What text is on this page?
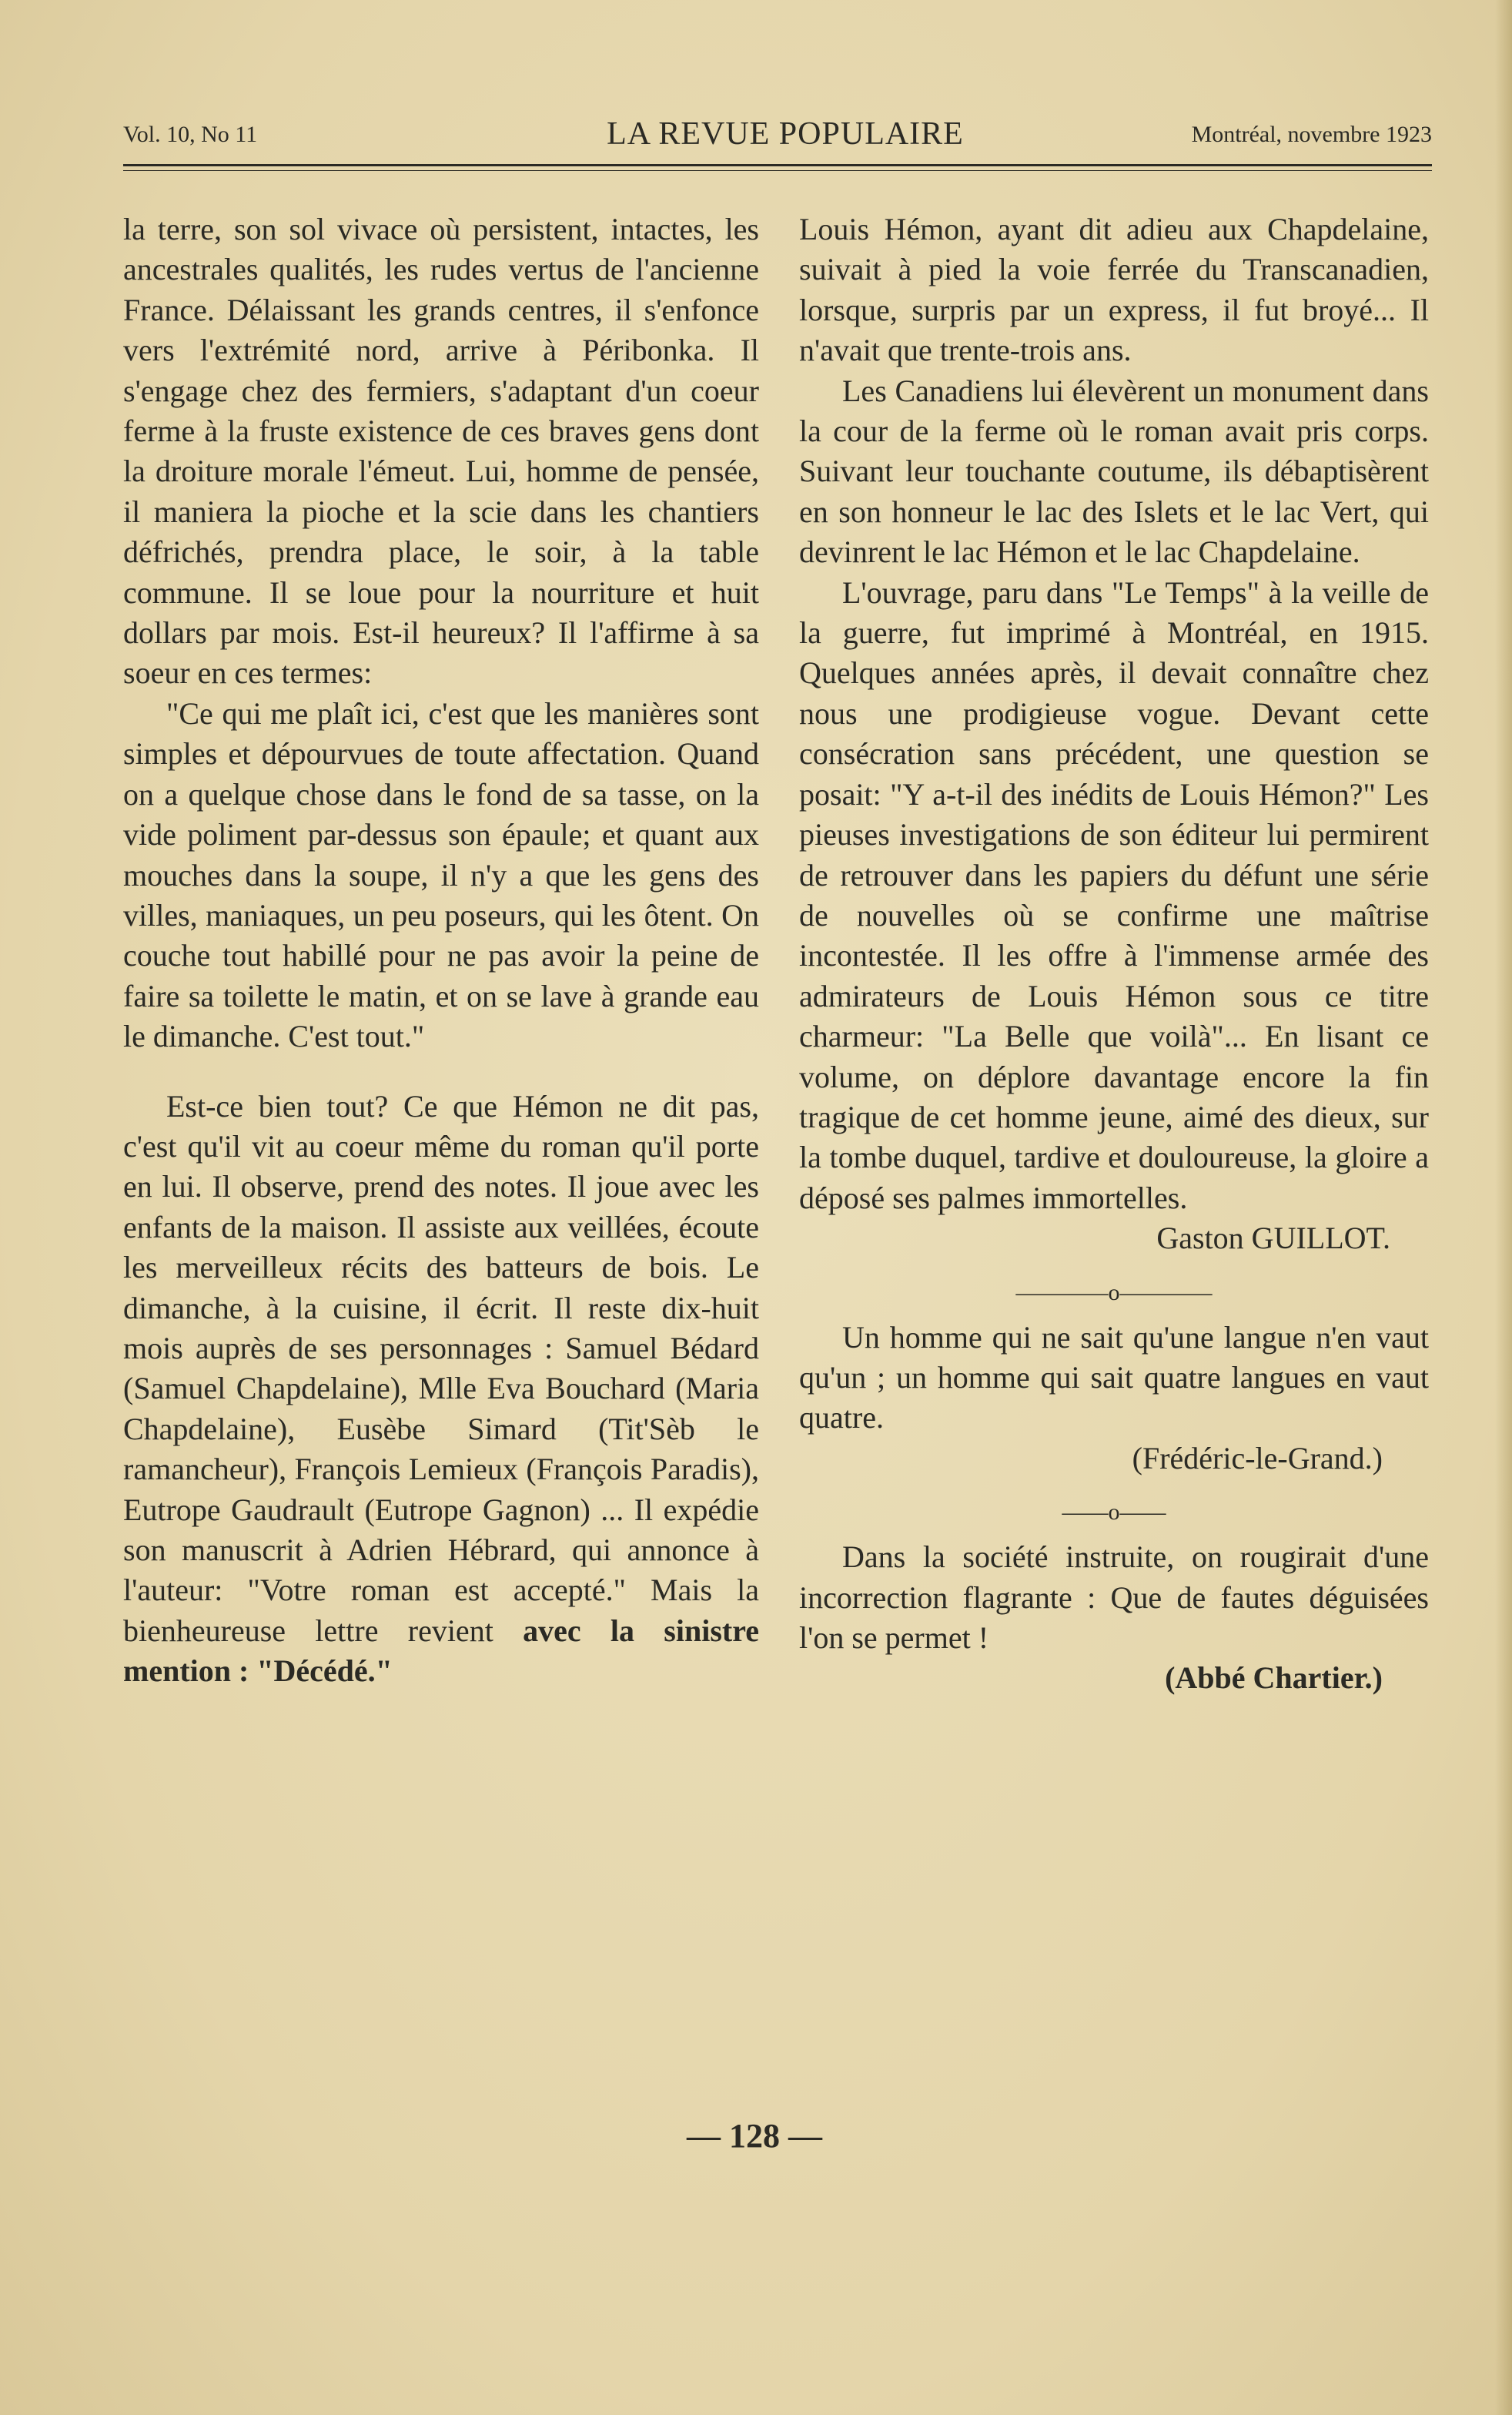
Vol. 10, No 11	LA REVUE POPULAIRE	Montréal, novembre 1923

la terre, son sol vivace où persistent, intactes, les ancestrales qualités, les rudes vertus de l'ancienne France. Délaissant les grands centres, il s'enfonce vers l'extrémité nord, arrive à Péribonka. Il s'engage chez des fermiers, s'adaptant d'un coeur ferme à la fruste existence de ces braves gens dont la droiture morale l'émeut. Lui, homme de pensée, il maniera la pioche et la scie dans les chantiers défrichés, prendra place, le soir, à la table commune. Il se loue pour la nourriture et huit dollars par mois. Est-il heureux? Il l'affirme à sa soeur en ces termes:

"Ce qui me plaît ici, c'est que les manières sont simples et dépourvues de toute affectation. Quand on a quelque chose dans le fond de sa tasse, on la vide poliment par-dessus son épaule; et quant aux mouches dans la soupe, il n'y a que les gens des villes, maniaques, un peu poseurs, qui les ôtent. On couche tout habillé pour ne pas avoir la peine de faire sa toilette le matin, et on se lave à grande eau le dimanche. C'est tout."

Est-ce bien tout? Ce que Hémon ne dit pas, c'est qu'il vit au coeur même du roman qu'il porte en lui. Il observe, prend des notes. Il joue avec les enfants de la maison. Il assiste aux veillées, écoute les merveilleux récits des batteurs de bois. Le dimanche, à la cuisine, il écrit. Il reste dix-huit mois auprès de ses personnages : Samuel Bédard (Samuel Chapdelaine), Mlle Eva Bouchard (Maria Chapdelaine), Eusèbe Simard (Tit'Sèb le ramancheur), François Lemieux (François Paradis), Eutrope Gaudrault (Eutrope Gagnon) ... Il expédie son manuscrit à Adrien Hébrard, qui annonce à l'auteur: "Votre roman est accepté." Mais la bienheureuse lettre revient avec la sinistre mention : "Décédé."

Louis Hémon, ayant dit adieu aux Chapdelaine, suivait à pied la voie ferrée du Transcanadien, lorsque, surpris par un express, il fut broyé... Il n'avait que trente-trois ans.

Les Canadiens lui élevèrent un monument dans la cour de la ferme où le roman avait pris corps. Suivant leur touchante coutume, ils débaptisèrent en son honneur le lac des Islets et le lac Vert, qui devinrent le lac Hémon et le lac Chapdelaine.

L'ouvrage, paru dans "Le Temps" à la veille de la guerre, fut imprimé à Montréal, en 1915. Quelques années après, il devait connaître chez nous une prodigieuse vogue. Devant cette consécration sans précédent, une question se posait: "Y a-t-il des inédits de Louis Hémon?" Les pieuses investigations de son éditeur lui permirent de retrouver dans les papiers du défunt une série de nouvelles où se confirme une maîtrise incontestée. Il les offre à l'immense armée des admirateurs de Louis Hémon sous ce titre charmeur: "La Belle que voilà"... En lisant ce volume, on déplore davantage encore la fin tragique de cet homme jeune, aimé des dieux, sur la tombe duquel, tardive et douloureuse, la gloire a déposé ses palmes immortelles.

Gaston GUILLOT.

————o————

Un homme qui ne sait qu'une langue n'en vaut qu'un ; un homme qui sait quatre langues en vaut quatre.

(Frédéric-le-Grand.)

——o——

Dans la société instruite, on rougirait d'une incorrection flagrante : Que de fautes déguisées l'on se permet !

(Abbé Chartier.)

— 128 —
